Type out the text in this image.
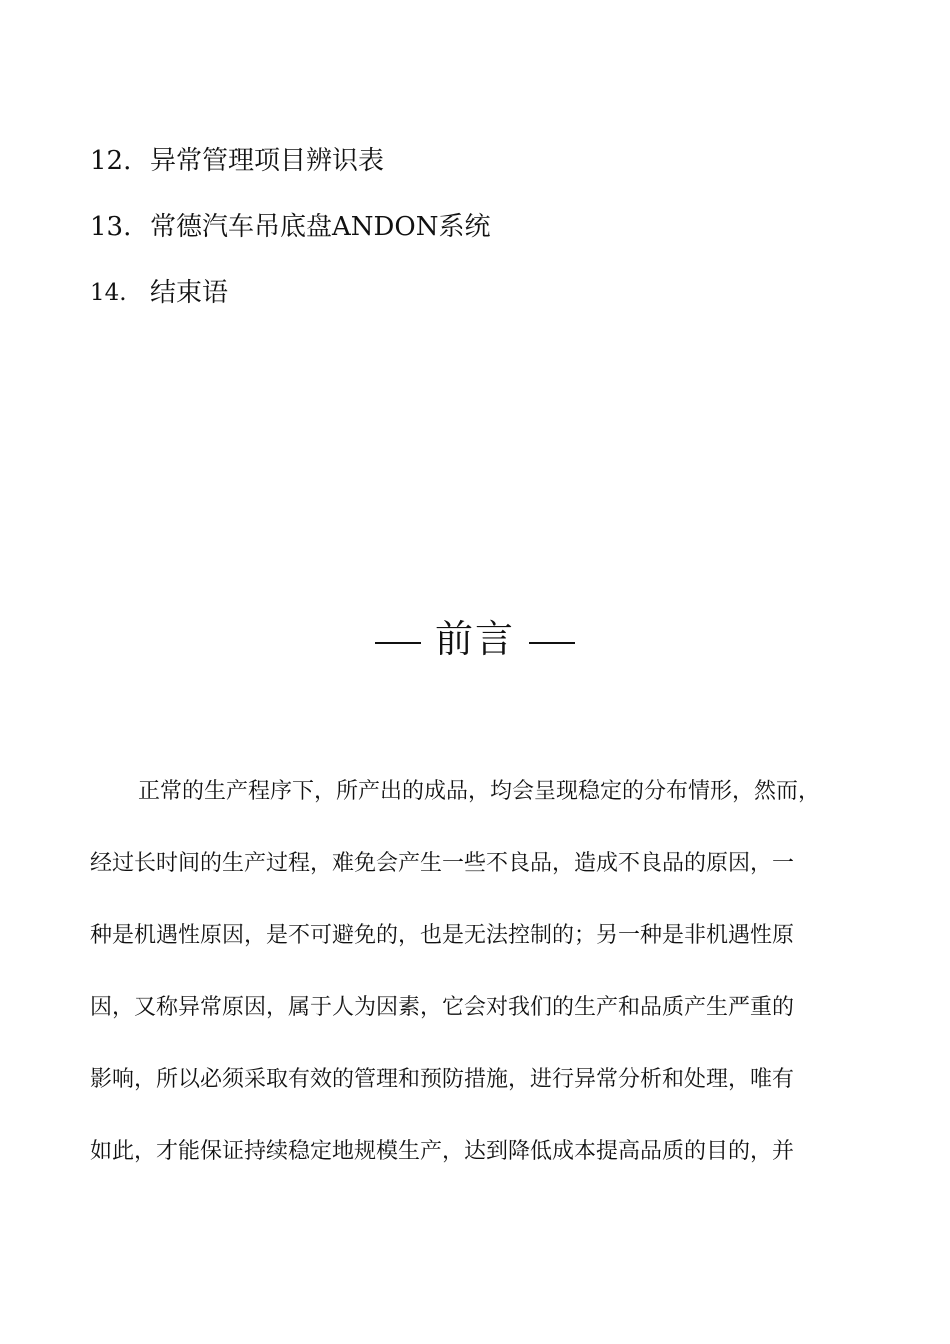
12. 异常管理项目辨识表
13. 常德汽车吊底盘ANDON系统
14. 结束语
前言
正常的生产程序下，所产出的成品，均会呈现稳定的分布情形，然而，
经过长时间的生产过程，难免会产生一些不良品，造成不良品的原因，一
种是机遇性原因，是不可避免的，也是无法控制的；另一种是非机遇性原
因，又称异常原因，属于人为因素，它会对我们的生产和品质产生严重的
影响，所以必须采取有效的管理和预防措施，进行异常分析和处理，唯有
如此，才能保证持续稳定地规模生产，达到降低成本提高品质的目的，并
